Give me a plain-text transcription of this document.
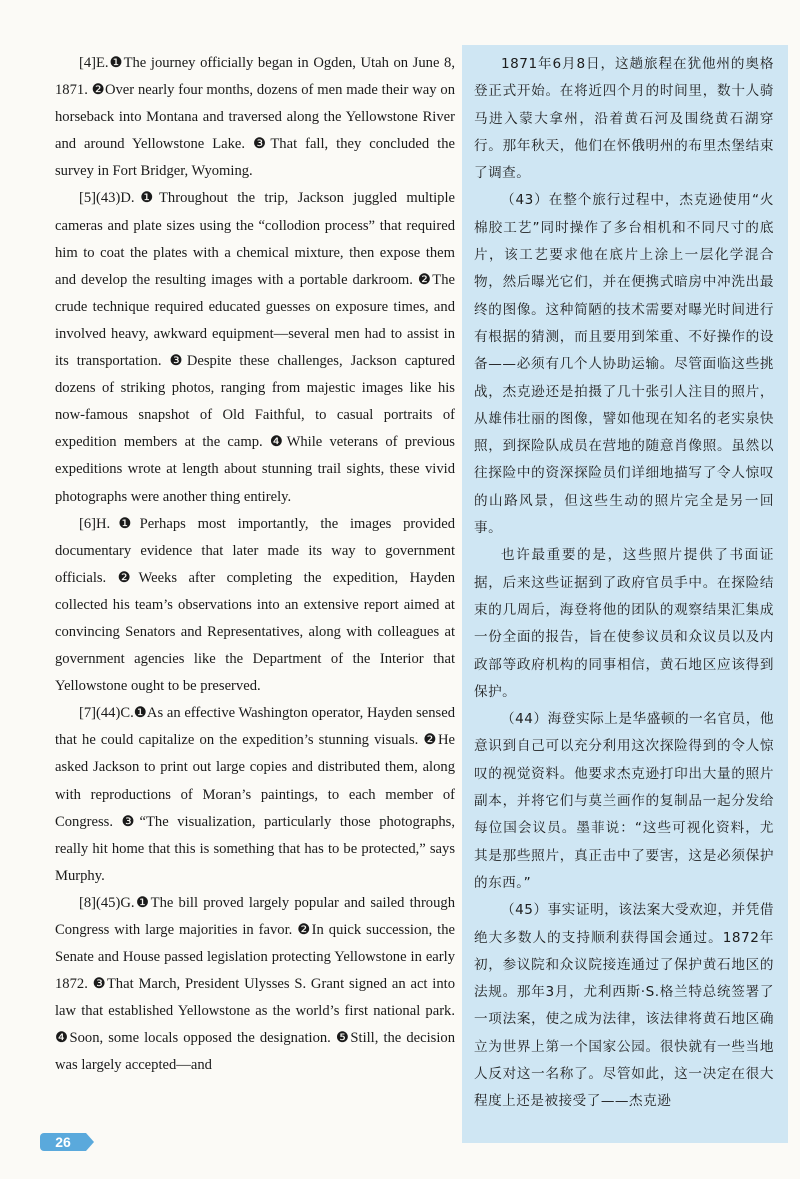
[4]E.❶The journey officially began in Ogden, Utah on June 8, 1871. ❷Over nearly four months, dozens of men made their way on horseback into Montana and traversed along the Yellowstone River and around Yellowstone Lake. ❸That fall, they concluded the survey in Fort Bridger, Wyoming.

[5](43)D.❶Throughout the trip, Jackson juggled multiple cameras and plate sizes using the “collodion process” that required him to coat the plates with a chemical mixture, then expose them and develop the resulting images with a portable darkroom. ❷The crude technique required educated guesses on exposure times, and involved heavy, awkward equipment—several men had to assist in its transportation. ❸Despite these challenges, Jackson captured dozens of striking photos, ranging from majestic images like his now-famous snapshot of Old Faithful, to casual portraits of expedition members at the camp. ❹While veterans of previous expeditions wrote at length about stunning trail sights, these vivid photographs were another thing entirely.

[6]H.❶Perhaps most importantly, the images provided documentary evidence that later made its way to government officials. ❷Weeks after completing the expedition, Hayden collected his team’s observations into an extensive report aimed at convincing Senators and Representatives, along with colleagues at government agencies like the Department of the Interior that Yellowstone ought to be preserved.

[7](44)C.❶As an effective Washington operator, Hayden sensed that he could capitalize on the expedition’s stunning visuals. ❷He asked Jackson to print out large copies and distributed them, along with reproductions of Moran’s paintings, to each member of Congress. ❸“The visualization, particularly those photographs, really hit home that this is something that has to be protected,” says Murphy.

[8](45)G.❶The bill proved largely popular and sailed through Congress with large majorities in favor. ❷In quick succession, the Senate and House passed legislation protecting Yellowstone in early 1872. ❸That March, President Ulysses S. Grant signed an act into law that established Yellowstone as the world’s first national park. ❹Soon, some locals opposed the designation. ❺Still, the decision was largely accepted—and

1871年6月8日，这趟旅程在犹他州的奥格登正式开始。在将近四个月的时间里，数十人骑马进入蒙大拿州，沿着黄石河及围绕黄石湖穿行。那年秋天，他们在怀俄明州的布里杰堡结束了调查。

（43）在整个旅行过程中，杰克逊使用“火棉胶工艺”同时操作了多台相机和不同尺寸的底片，该工艺要求他在底片上涂上一层化学混合物，然后曝光它们，并在便携式暗房中冲洗出最终的图像。这种简陋的技术需要对曝光时间进行有根据的猜测，而且要用到笨重、不好操作的设备——必须有几个人协助运输。尽管面临这些挑战，杰克逊还是拍摄了几十张引人注目的照片，从雄伟壮丽的图像，譬如他现在知名的老实泉快照，到探险队成员在营地的随意肖像照。虽然以往探险中的资深探险员们详细地描写了令人惊叹的山路风景，但这些生动的照片完全是另一回事。

也许最重要的是，这些照片提供了书面证据，后来这些证据到了政府官员手中。在探险结束的几周后，海登将他的团队的观察结果汇集成一份全面的报告，旨在使参议员和众议员以及内政部等政府机构的同事相信，黄石地区应该得到保护。

（44）海登实际上是华盛顿的一名官员，他意识到自己可以充分利用这次探险得到的令人惊叹的视觉资料。他要求杰克逊打印出大量的照片副本，并将它们与莫兰画作的复制品一起分发给每位国会议员。墨菲说：“这些可视化资料，尤其是那些照片，真正击中了要害，这是必须保护的东西。”

（45）事实证明，该法案大受欢迎，并凭借绝大多数人的支持顺利获得国会通过。1872年初，参议院和众议院接连通过了保护黄石地区的法规。那年3月，尤利西斯·S.格兰特总统签署了一项法案，使之成为法律，该法律将黄石地区确立为世界上第一个国家公园。很快就有一些当地人反对这一名称了。尽管如此，这一决定在很大程度上还是被接受了——杰克逊

26
